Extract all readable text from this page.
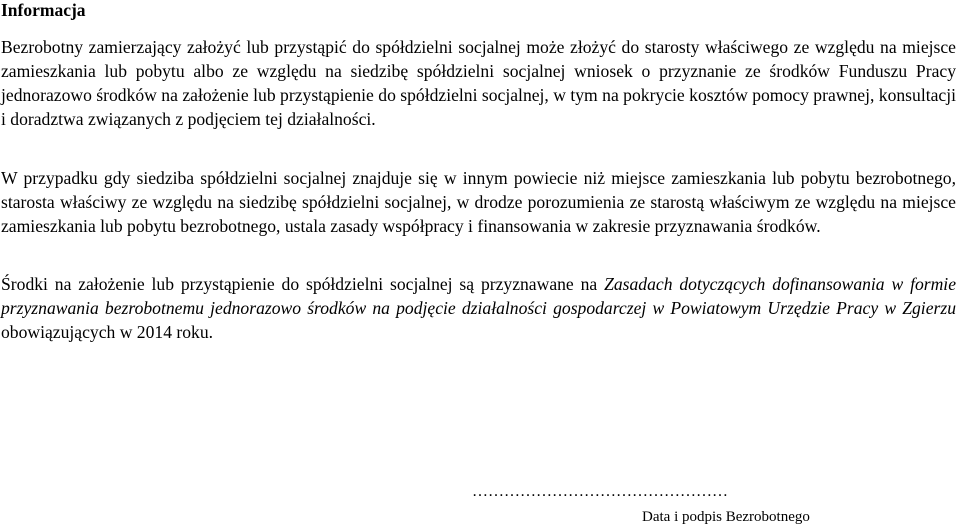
Informacja

Bezrobotny zamierzający założyć lub przystąpić do spółdzielni socjalnej może złożyć do starosty właściwego ze względu na miejsce zamieszkania lub pobytu albo ze względu na siedzibę spółdzielni socjalnej wniosek o przyznanie ze środków Funduszu Pracy jednorazowo środków na założenie lub przystąpienie do spółdzielni socjalnej, w tym na pokrycie kosztów pomocy prawnej, konsultacji i doradztwa związanych z podjęciem tej działalności.

W przypadku gdy siedziba spółdzielni socjalnej znajduje się w innym powiecie niż miejsce zamieszkania lub pobytu bezrobotnego, starosta właściwy ze względu na siedzibę spółdzielni socjalnej, w drodze porozumienia ze starostą właściwym ze względu na miejsce zamieszkania lub pobytu bezrobotnego, ustala zasady współpracy i finansowania w zakresie przyznawania środków.

Środki na założenie lub przystąpienie do spółdzielni socjalnej są przyznawane na Zasadach dotyczących dofinansowania w formie przyznawania bezrobotnemu jednorazowo środków na podjęcie działalności gospodarczej w Powiatowym Urzędzie Pracy w Zgierzu obowiązujących w 2014 roku.

…………………………………………
Data i podpis Bezrobotnego
